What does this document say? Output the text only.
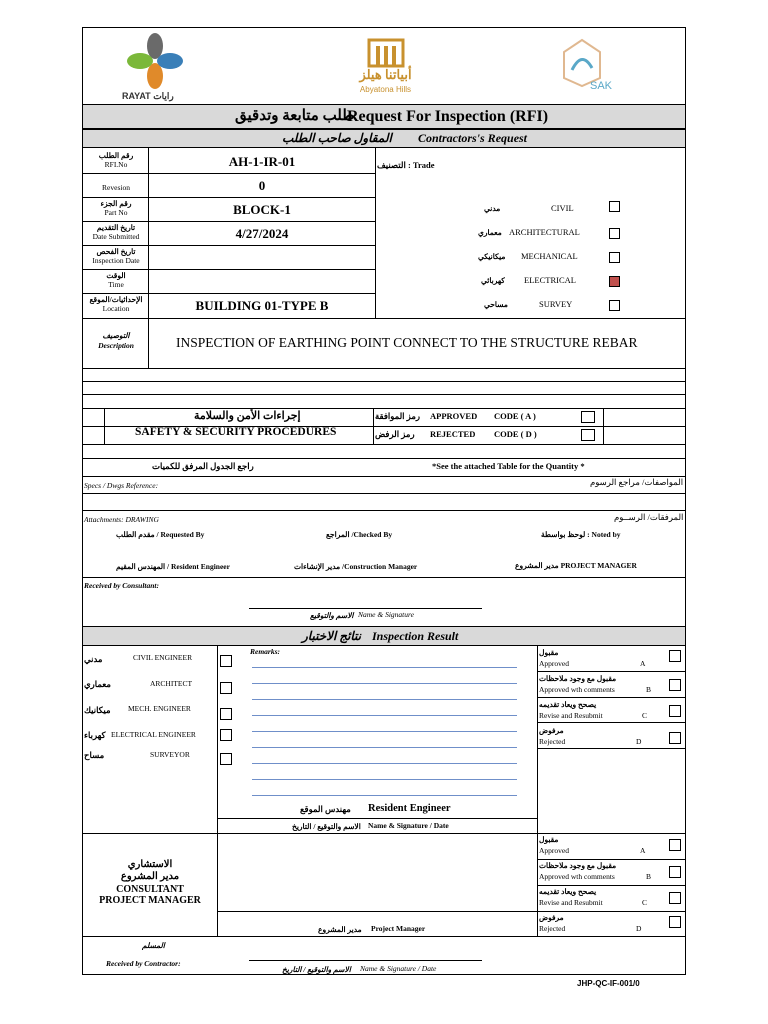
RAYAT رايات
أبياتنا هيلز
Abyatona Hills	SAK
طلب متابعة وتدقيق
Request For Inspection (RFI)
المقاول صاحب الطلب Contractors's Request
رقم الطلب
RFI.No	AH-1-IR-01
Revesion	0
رقم الجزء
Part No	BLOCK-1
تاريخ التقديم
Date Submitted	4/27/2024
تاريخ الفحص
Inspection Date
الوقت
Time
الإحداثيات/الموقع
Location	BUILDING 01-TYPE B
التصنيف : Trade
مدني	CIVIL
معماري ARCHITECTURAL
ميكانيكي MECHANICAL
كهربائي ELECTRICAL
مساحي	SURVEY
التوصيف
Description	INSPECTION OF EARTHING POINT CONNECT TO THE STRUCTURE REBAR
إجراءات الأمن والسلامة
SAFETY & SECURITY PROCEDURES
رمز الموافقة APPROVED CODE ( A )
رمز الرفض REJECTED CODE ( D )
راجع الجدول المرفق للكميات	*See the attached Table for the Quantity *
Specs / Dwgs Reference:	المواصفات/ مراجع الرسوم
Attachments: DRAWING	المرفقات/ الرســوم
مقدم الطلب / Requested By	المراجع /Checked By	لوحظ بواسطة : Noted by
المهندس المقيم / Resident Engineer	مدير الإنشاءات /Construction Manager	مدير المشروع PROJECT MANAGER
Received by Consultant:
الاسم والتوقيع Name & Signature
نتائج الاختبار Inspection Result
مدني	CIVIL ENGINEER
معماري	ARCHITECT
ميكانيك MECH. ENGINEER
كهرباء ELECTRICAL ENGINEER
مساح	SURVEYOR
Remarks:
مهندس الموقع Resident Engineer
الاسم والتوقيع / التاريخ Name & Signature / Date
مقبول
Approved	A
مقبول مع وجود ملاحظات
Approved wth comments	B
يصحح ويعاد تقديمه
Revise and Resubmit	C
مرفوض
Rejected	D
الاستشاري
مدير المشروع
CONSULTANT
PROJECT MANAGER
مدير المشروع Project Manager
مقبول
Approved	A
مقبول مع وجود ملاحظات
Approved wth comments	B
يصحح ويعاد تقديمه
Revise and Resubmit	C
مرفوض
Rejected	D
المسلم
Received by Contractor:
الاسم والتوقيع / التاريخ Name & Signature / Date
JHP-QC-IF-001/0
